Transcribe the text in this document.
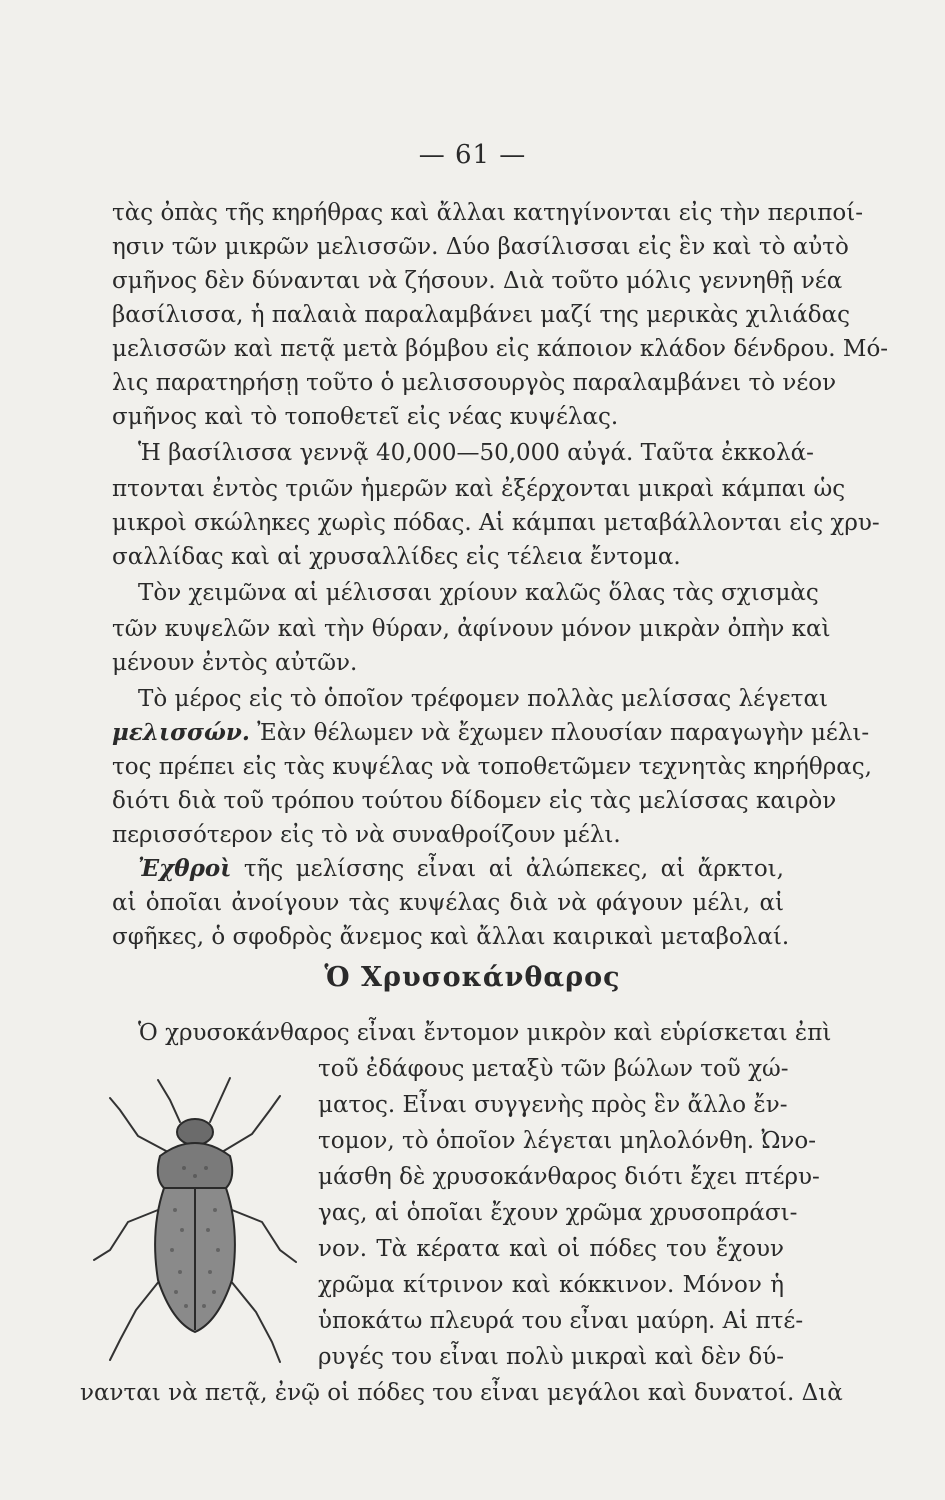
— 61 —
τὰς ὀπὰς τῆς κηρήθρας καὶ ἄλλαι κατηγίνονται εἰς τὴν περιποί-
ησιν τῶν μικρῶν μελισσῶν. Δύο βασίλισσαι εἰς ἓν καὶ τὸ αὐτὸ
σμῆνος δὲν δύνανται νὰ ζήσουν. Διὰ τοῦτο μόλις γεννηθῇ νέα
βασίλισσα, ἡ παλαιὰ παραλαμβάνει μαζί της μερικὰς χιλιάδας
μελισσῶν καὶ πετᾷ μετὰ βόμβου εἰς κάποιον κλάδον δένδρου. Μό-
λις παρατηρήσῃ τοῦτο ὁ μελισσουργὸς παραλαμβάνει τὸ νέον
σμῆνος καὶ τὸ τοποθετεῖ εἰς νέας κυψέλας.
Ἡ βασίλισσα γεννᾷ 40,000—50,000 αὐγά. Ταῦτα ἐκκολά-
πτονται ἐντὸς τριῶν ἡμερῶν καὶ ἐξέρχονται μικραὶ κάμπαι ὡς
μικροὶ σκώληκες χωρὶς πόδας. Αἱ κάμπαι μεταβάλλονται εἰς χρυ-
σαλλίδας καὶ αἱ χρυσαλλίδες εἰς τέλεια ἔντομα.
Τὸν χειμῶνα αἱ μέλισσαι χρίουν καλῶς ὅλας τὰς σχισμὰς
τῶν κυψελῶν καὶ τὴν θύραν, ἀφίνουν μόνον μικρὰν ὀπὴν καὶ
μένουν ἐντὸς αὐτῶν.
Τὸ μέρος εἰς τὸ ὁποῖον τρέφομεν πολλὰς μελίσσας λέγεται
μελισσών. Ἐὰν θέλωμεν νὰ ἔχωμεν πλουσίαν παραγωγὴν μέλι-
τος πρέπει εἰς τὰς κυψέλας νὰ τοποθετῶμεν τεχνητὰς κηρήθρας,
διότι διὰ τοῦ τρόπου τούτου δίδομεν εἰς τὰς μελίσσας καιρὸν
περισσότερον εἰς τὸ νὰ συναθροίζουν μέλι.
Ἐχθροὶ τῆς μελίσσης εἶναι αἱ ἀλώπεκες, αἱ ἄρκτοι,
αἱ ὁποῖαι ἀνοίγουν τὰς κυψέλας διὰ νὰ φάγουν μέλι, αἱ
σφῆκες, ὁ σφοδρὸς ἄνεμος καὶ ἄλλαι καιρικαὶ μεταβολαί.
Ὁ Χρυσοκάνθαρος
Ὁ χρυσοκάνθαρος εἶναι ἔντομον μικρὸν καὶ εὑρίσκεται ἐπὶ
τοῦ ἐδάφους μεταξὺ τῶν βώλων τοῦ χώ-
ματος. Εἶναι συγγενὴς πρὸς ἓν ἄλλο ἔν-
τομον, τὸ ὁποῖον λέγεται μηλολόνθη. Ὠνο-
μάσθη δὲ χρυσοκάνθαρος διότι ἔχει πτέρυ-
γας, αἱ ὁποῖαι ἔχουν χρῶμα χρυσοπράσι-
νον. Τὰ κέρατα καὶ οἱ πόδες του ἔχουν
χρῶμα κίτρινον καὶ κόκκινον. Μόνον ἡ
ὑποκάτω πλευρά του εἶναι μαύρη. Αἱ πτέ-
ρυγές του εἶναι πολὺ μικραὶ καὶ δὲν δύ-
νανται νὰ πετᾷ, ἐνῷ οἱ πόδες του εἶναι μεγάλοι καὶ δυνατοί. Διὰ
